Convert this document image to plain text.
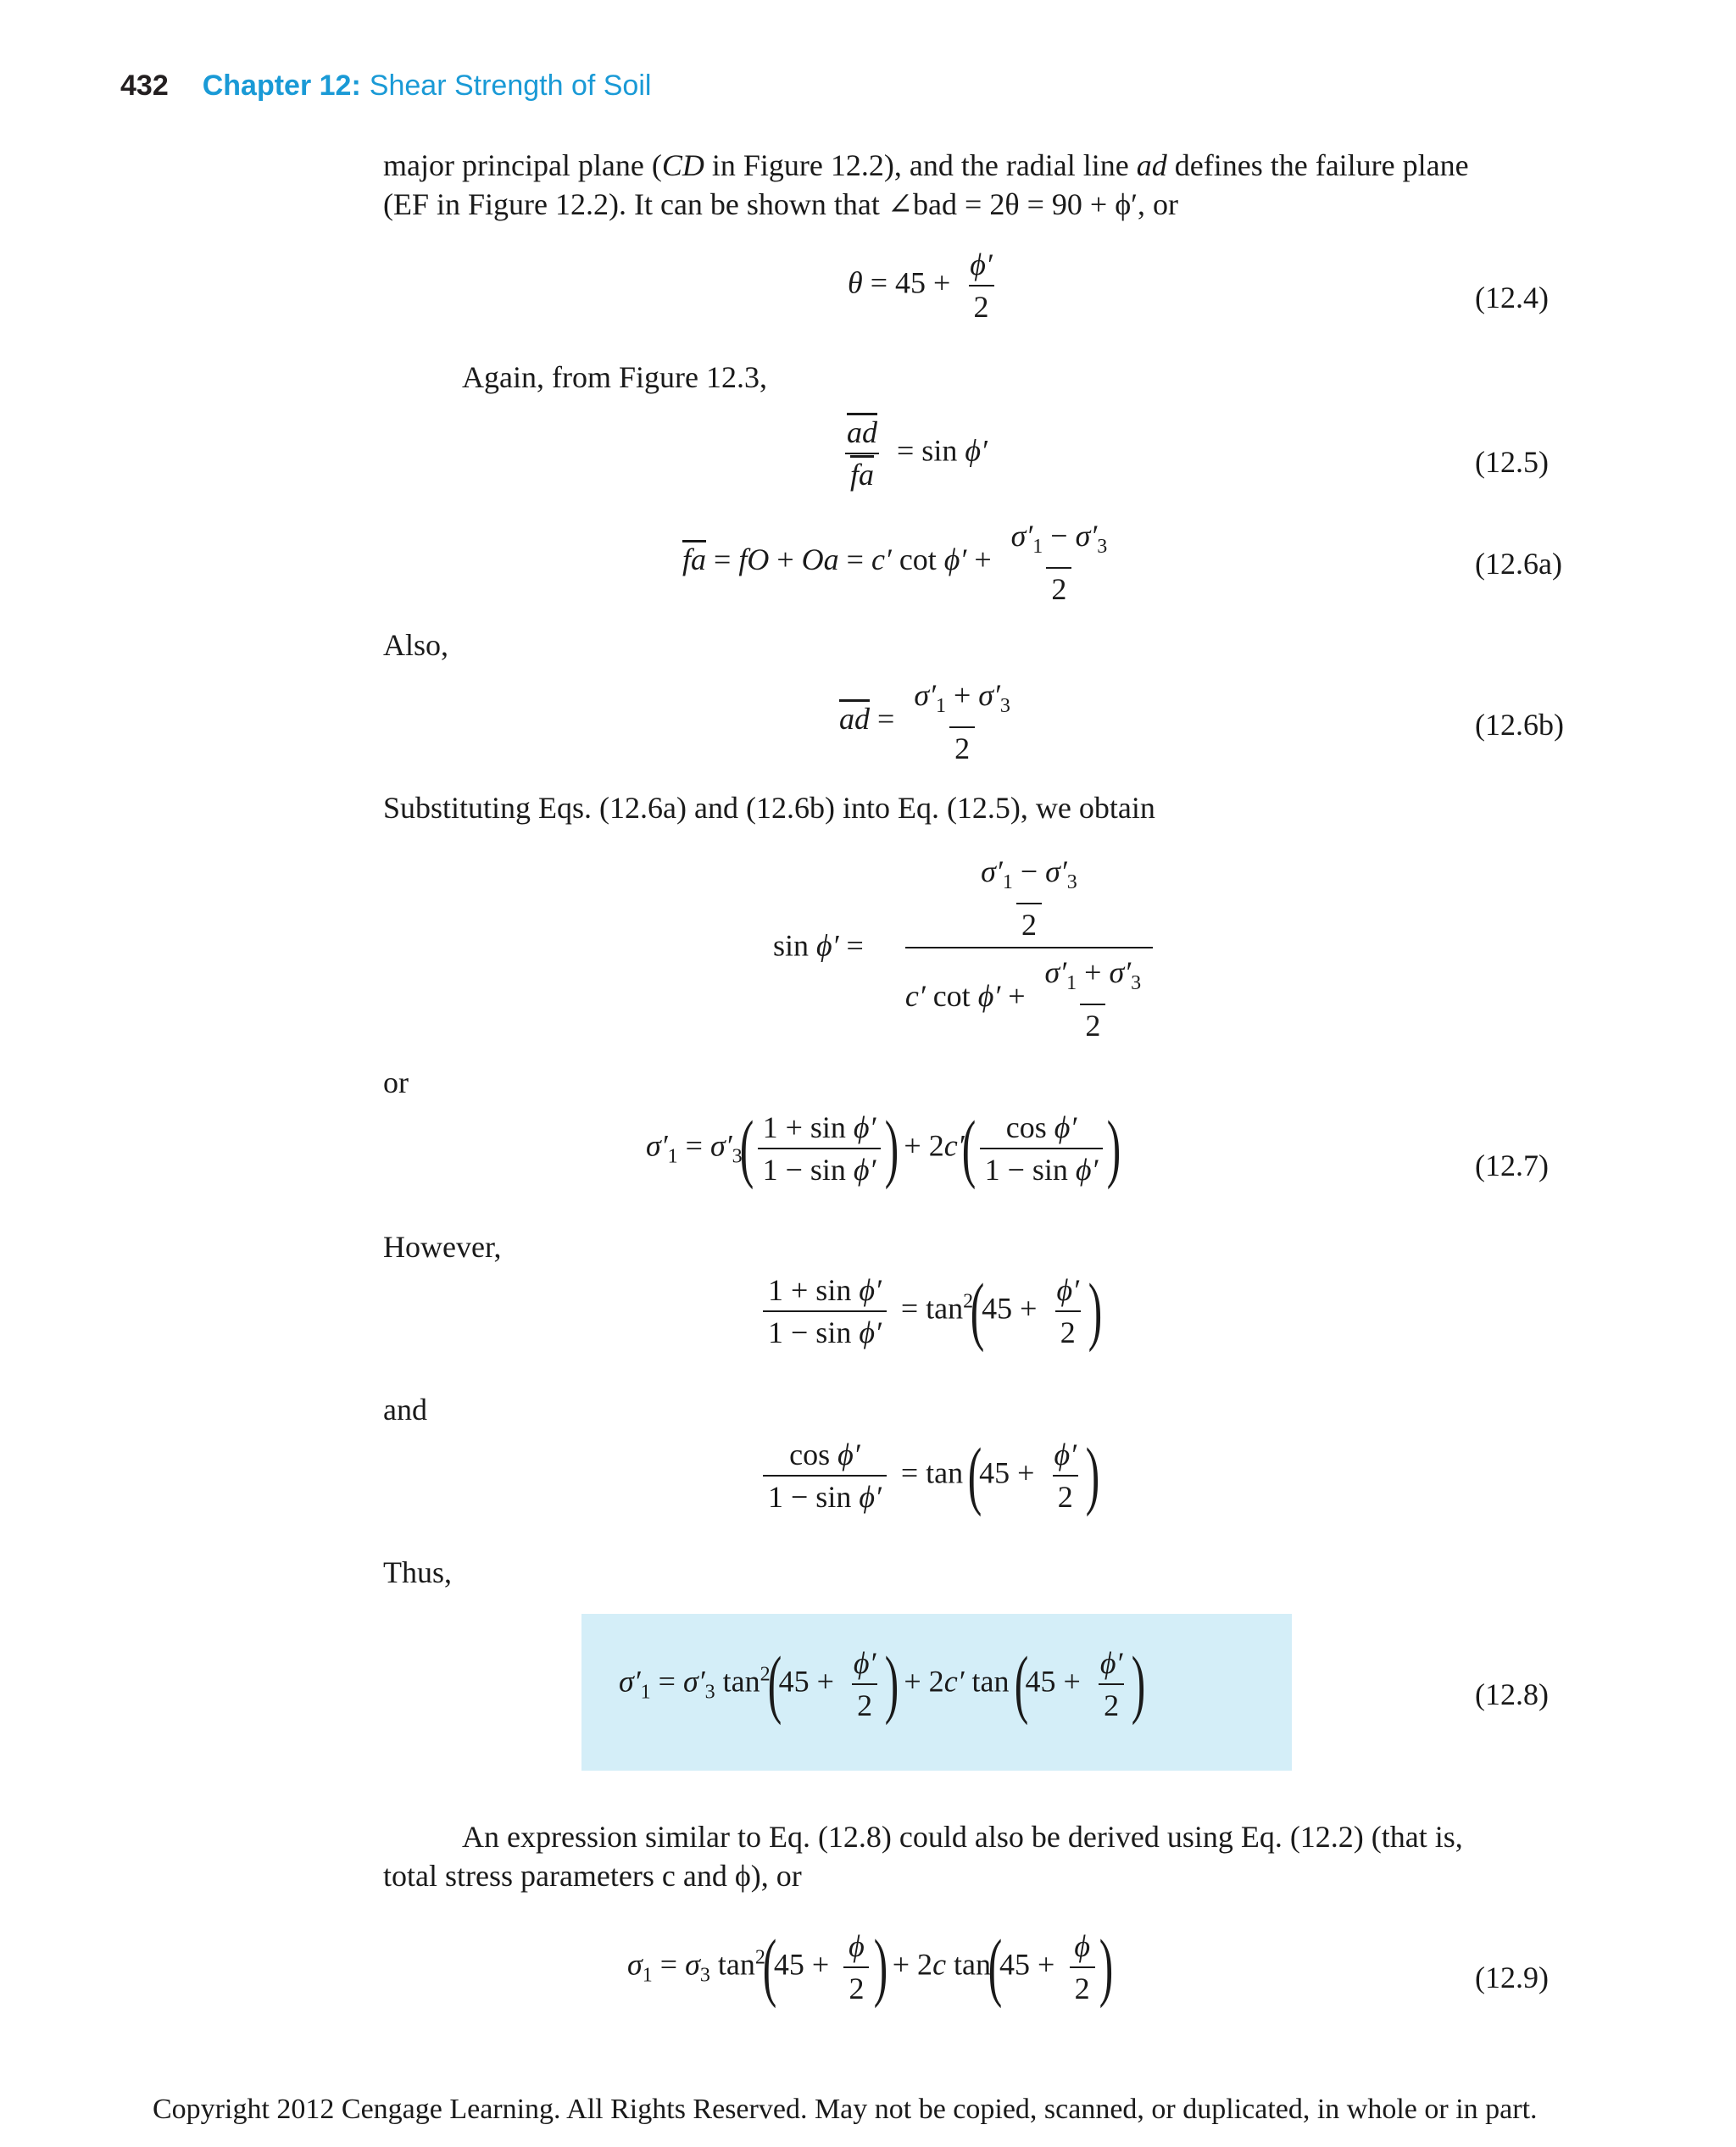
432 Chapter 12: Shear Strength of Soil
major principal plane (CD in Figure 12.2), and the radial line ad defines the failure plane
(EF in Figure 12.2). It can be shown that ∠bad = 2θ = 90 + ϕ′, or
$\theta = 45 + \frac{\phi'}{2}$	(12.4)
Again, from Figure 12.3,
$\frac{\overline{ad}}{fa} = \sin \phi'$	(12.5)
$\overline{fa}$ = fO + Oa = c′ $\cot \phi' + \frac{\sigma'_1 - \sigma'_3}{2}$	(12.6a)
Also,
$\overline{ad} = \frac{\sigma'_1 + \sigma'_3}{2}$	(12.6b)
Substituting Eqs. (12.6a) and (12.6b) into Eq. (12.5), we obtain
$\sin \phi' = \frac{\frac{\sigma'_1 - \sigma'_3}{2}}{c' \cot \phi' + \frac{\sigma'_1 + \sigma'_3}{2}}$
or
$\sigma'_1 = \sigma'_3( \frac{\text{1 + sin ϕ′}}{\text{1 − sin ϕ′}}$ ) + $2c'( \frac{\text{cos ϕ′}}{\text{1 − sin ϕ′}}$ )	(12.7)
However,
$\frac{\text{1 + sin ϕ′}}{\text{1 − sin ϕ′}} = \tan^2(45 + \frac{\phi'}{2}$ )
and
$\frac{\text{cos ϕ′}}{\text{1 − sin ϕ′}} = \tan (45 + \frac{\phi'}{2}$ )
Thus,
$\sigma'_1 = \sigma'_3$ $\tan^2(45 + \frac{\phi'}{2}$ ) + 2c′ $\tan (45 + \frac{\phi'}{2}$ )	(12.8)
An expression similar to Eq. (12.8) could also be derived using Eq. (12.2) (that is,
total stress parameters c and ϕ), or
$\sigma_1 = \sigma_3$ $\tan^2(45 + \frac{\phi}{2}$ ) + 2c $\tan(45 + \frac{\phi}{2}$ )	(12.9)
Copyright 2012 Cengage Learning. All Rights Reserved. May not be copied, scanned, or duplicated, in whole or in part.
